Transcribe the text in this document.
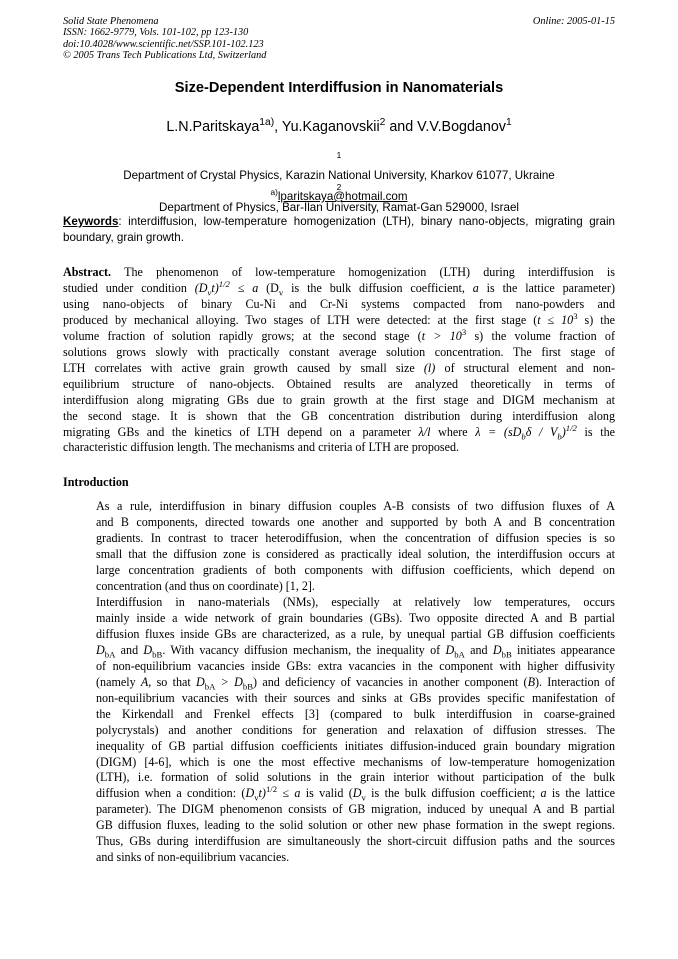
Solid State Phenomena
ISSN: 1662-9779, Vols. 101-102, pp 123-130
doi:10.4028/www.scientific.net/SSP.101-102.123
© 2005 Trans Tech Publications Ltd, Switzerland
Online: 2005-01-15
Size-Dependent Interdiffusion in Nanomaterials
L.N.Paritskaya$^{1a)}$, Yu.Kaganovskii$^2$ and V.V.Bogdanov$^1$
$^1$
Department of Crystal Physics, Karazin National University, Kharkov 61077, Ukraine
$^2$
Department of Physics, Bar-Ilan University, Ramat-Gan 529000, Israel
$^{a)}$lparitskaya@hotmail.com
Keywords: interdiffusion, low-temperature homogenization (LTH), binary nano-objects, migrating grain boundary, grain growth.
Abstract. The phenomenon of low-temperature homogenization (LTH) during interdiffusion is
studied under condition $(D_vt)^{1/2} \le a$ ($D_v$ is the bulk diffusion coefficient, a is the lattice parameter)
using nano-objects of binary Cu-Ni and Cr-Ni systems compacted from nano-powders and
produced by mechanical alloying. Two stages of LTH were detected: at the first stage ($t \le 10^3$ s) the
volume fraction of solution rapidly grows; at the second stage ($t > 10^3$ s) the volume fraction of
solutions grows slowly with practically constant average solution concentration. The first stage of
LTH correlates with active grain growth caused by small size (l) of structural element and non-
equilibrium structure of nano-objects. Obtained results are analyzed theoretically in terms of
interdiffusion along migrating GBs due to grain growth at the first stage and DIGM mechanism at
the second stage. It is shown that the GB concentration distribution during interdiffusion along
migrating GBs and the kinetics of LTH depend on a parameter λ/l where $\lambda = (sD_b\delta / V_b)^{1/2}$ is the
characteristic diffusion length. The mechanisms and criteria of LTH are proposed.
Introduction
As a rule, interdiffusion in binary diffusion couples A-B consists of two diffusion fluxes of A
and B components, directed towards one another and supported by both A and B concentration
gradients. In contrast to tracer heterodiffusion, when the concentration of diffusion species is so
small that the diffusion zone is considered as practically ideal solution, the interdiffusion occurs at
large concentration gradients of both components with diffusion coefficients, which depend on
concentration (and thus on coordinate) [1, 2].
Interdiffusion in nano-materials (NMs), especially at relatively low temperatures, occurs
mainly inside a wide network of grain boundaries (GBs). Two opposite directed A and B partial
diffusion fluxes inside GBs are characterized, as a rule, by unequal partial GB diffusion coefficients
$D_{bA}$ and $D_{bB}$. With vacancy diffusion mechanism, the inequality of $D_{bA}$ and $D_{bB}$ initiates appearance
of non-equilibrium vacancies inside GBs: extra vacancies in the component with higher diffusivity
(namely A, so that $D_{bA} > D_{bB}$) and deficiency of vacancies in another component (B). Interaction of
non-equilibrium vacancies with their sources and sinks at GBs provides specific manifestation of
the Kirkendall and Frenkel effects [3] (compared to bulk interdiffusion in coarse-grained
polycrystals) and another conditions for generation and relaxation of diffusion stresses. The
inequality of GB partial diffusion coefficients initiates diffusion-induced grain boundary migration
(DIGM) [4-6], which is one the most effective mechanisms of low-temperature homogenization
(LTH), i.e. formation of solid solutions in the grain interior without participation of the bulk
diffusion when a condition: $(D_vt)^{1/2} \le a$ is valid ($D_v$ is the bulk diffusion coefficient; a is the lattice
parameter). The DIGM phenomenon consists of GB migration, induced by unequal A and B partial
GB diffusion fluxes, leading to the solid solution or other new phase formation in the swept regions.
Thus, GBs during interdiffusion are simultaneously the short-circuit diffusion paths and the sources
and sinks of non-equilibrium vacancies.
